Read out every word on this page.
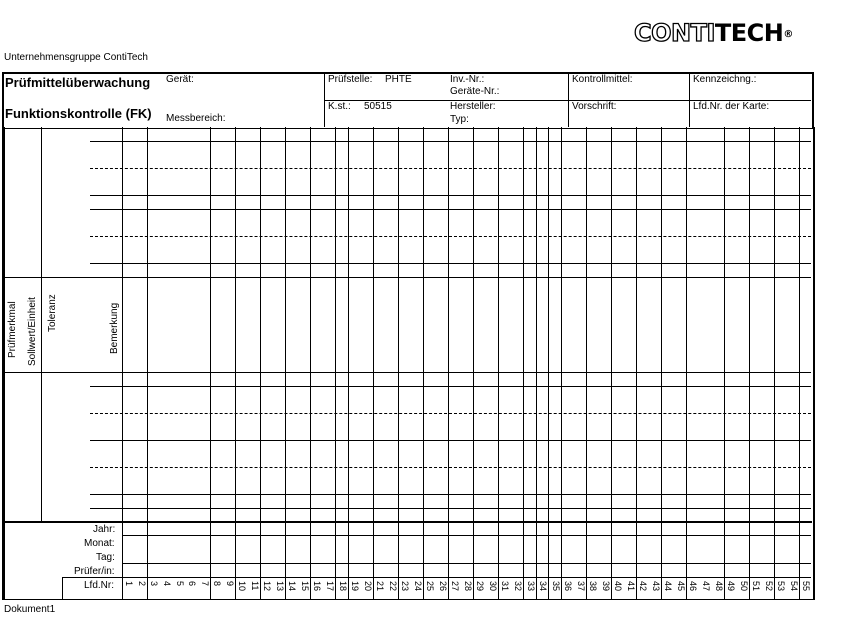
Unternehmensgruppe ContiTech
CONTITECH®
Prüfmittelüberwachung
Funktionskontrolle (FK)
Gerät:
Messbereich:
Prüfstelle: PHTE
K.st.: 50515
Inv.-Nr.:
Geräte-Nr.:
Hersteller:
Typ:
Kontrollmittel:
Vorschrift:
Kennzeichng.:
Lfd.Nr. der Karte:
Prüfmerkmal Sollwert/Einheit Toleranz	Bemerkung
Jahr:
Monat:
Tag:
Prüfer/in:
Lfd.Nr: 1 2 3 4 5 6 7 8 9 10 11 12 13 14 15 16 17 18 19 20 21 22 23 24 25 26 27 28 29 30 31 32 33 34 35 36 37 38 39 40 41 42 43 44 45 46 47 48 49 50 51 52 53 54 55
Dokument1
